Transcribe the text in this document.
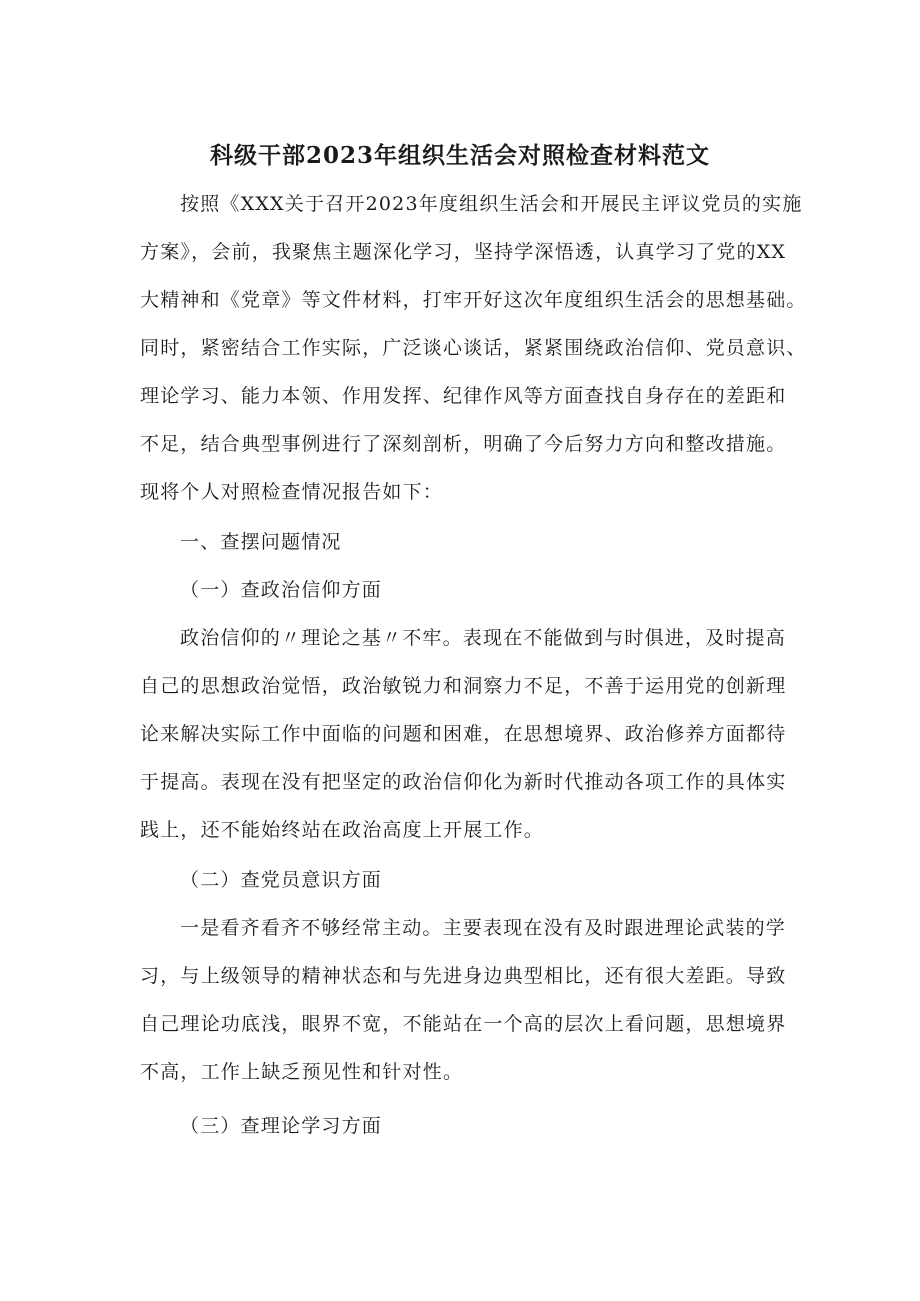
科级干部2023年组织生活会对照检查材料范文
按照《XXX关于召开2023年度组织生活会和开展民主评议党员的实施
方案》，会前，我聚焦主题深化学习，坚持学深悟透，认真学习了党的XX
大精神和《党章》等文件材料，打牢开好这次年度组织生活会的思想基础。
同时，紧密结合工作实际，广泛谈心谈话，紧紧围绕政治信仰、党员意识、
理论学习、能力本领、作用发挥、纪律作风等方面查找自身存在的差距和
不足，结合典型事例进行了深刻剖析，明确了今后努力方向和整改措施。
现将个人对照检查情况报告如下：
一、查摆问题情况
（一）查政治信仰方面
政治信仰的〃理论之基〃不牢。表现在不能做到与时俱进，及时提高
自己的思想政治觉悟，政治敏锐力和洞察力不足，不善于运用党的创新理
论来解决实际工作中面临的问题和困难，在思想境界、政治修养方面都待
于提高。表现在没有把坚定的政治信仰化为新时代推动各项工作的具体实
践上，还不能始终站在政治高度上开展工作。
（二）查党员意识方面
一是看齐看齐不够经常主动。主要表现在没有及时跟进理论武装的学
习，与上级领导的精神状态和与先进身边典型相比，还有很大差距。导致
自己理论功底浅，眼界不宽，不能站在一个高的层次上看问题，思想境界
不高，工作上缺乏预见性和针对性。
（三）查理论学习方面
